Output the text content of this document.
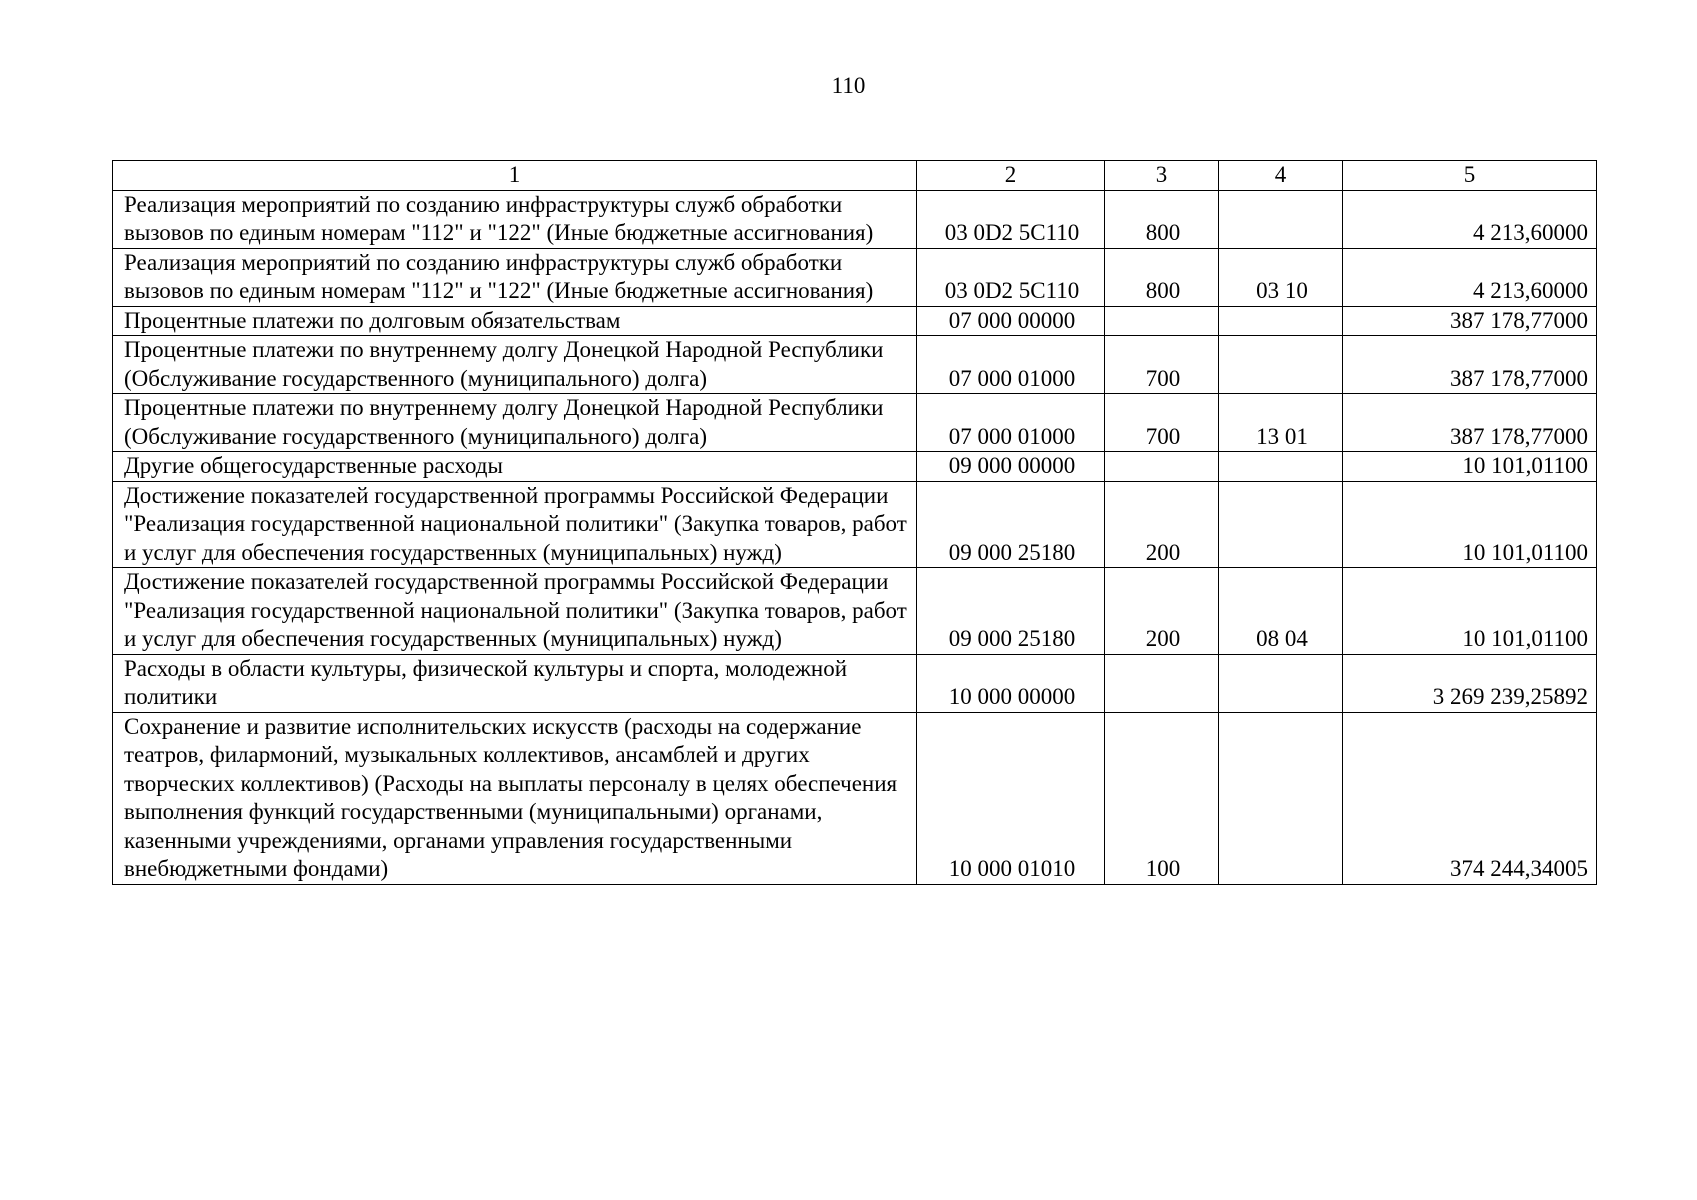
110
1	2	3	4	5
Реализация мероприятий по созданию инфраструктуры служб обработки вызовов по единым номерам "112" и "122" (Иные бюджетные ассигнования)	03 0D2 5C110	800		4 213,60000
Реализация мероприятий по созданию инфраструктуры служб обработки вызовов по единым номерам "112" и "122" (Иные бюджетные ассигнования)	03 0D2 5C110	800	03 10	4 213,60000
Процентные платежи по долговым обязательствам	07 000 00000			387 178,77000
Процентные платежи по внутреннему долгу Донецкой Народной Республики (Обслуживание государственного (муниципального) долга)	07 000 01000	700		387 178,77000
Процентные платежи по внутреннему долгу Донецкой Народной Республики (Обслуживание государственного (муниципального) долга)	07 000 01000	700	13 01	387 178,77000
Другие общегосударственные расходы	09 000 00000			10 101,01100
Достижение показателей государственной программы Российской Федерации "Реализация государственной национальной политики" (Закупка товаров, работ и услуг для обеспечения государственных (муниципальных) нужд)	09 000 25180	200		10 101,01100
Достижение показателей государственной программы Российской Федерации "Реализация государственной национальной политики" (Закупка товаров, работ и услуг для обеспечения государственных (муниципальных) нужд)	09 000 25180	200	08 04	10 101,01100
Расходы в области культуры, физической культуры и спорта, молодежной политики	10 000 00000			3 269 239,25892
Сохранение и развитие исполнительских искусств (расходы на содержание театров, филармоний, музыкальных коллективов, ансамблей и других творческих коллективов) (Расходы на выплаты персоналу в целях обеспечения выполнения функций государственными (муниципальными) органами, казенными учреждениями, органами управления государственными внебюджетными фондами)	10 000 01010	100		374 244,34005
